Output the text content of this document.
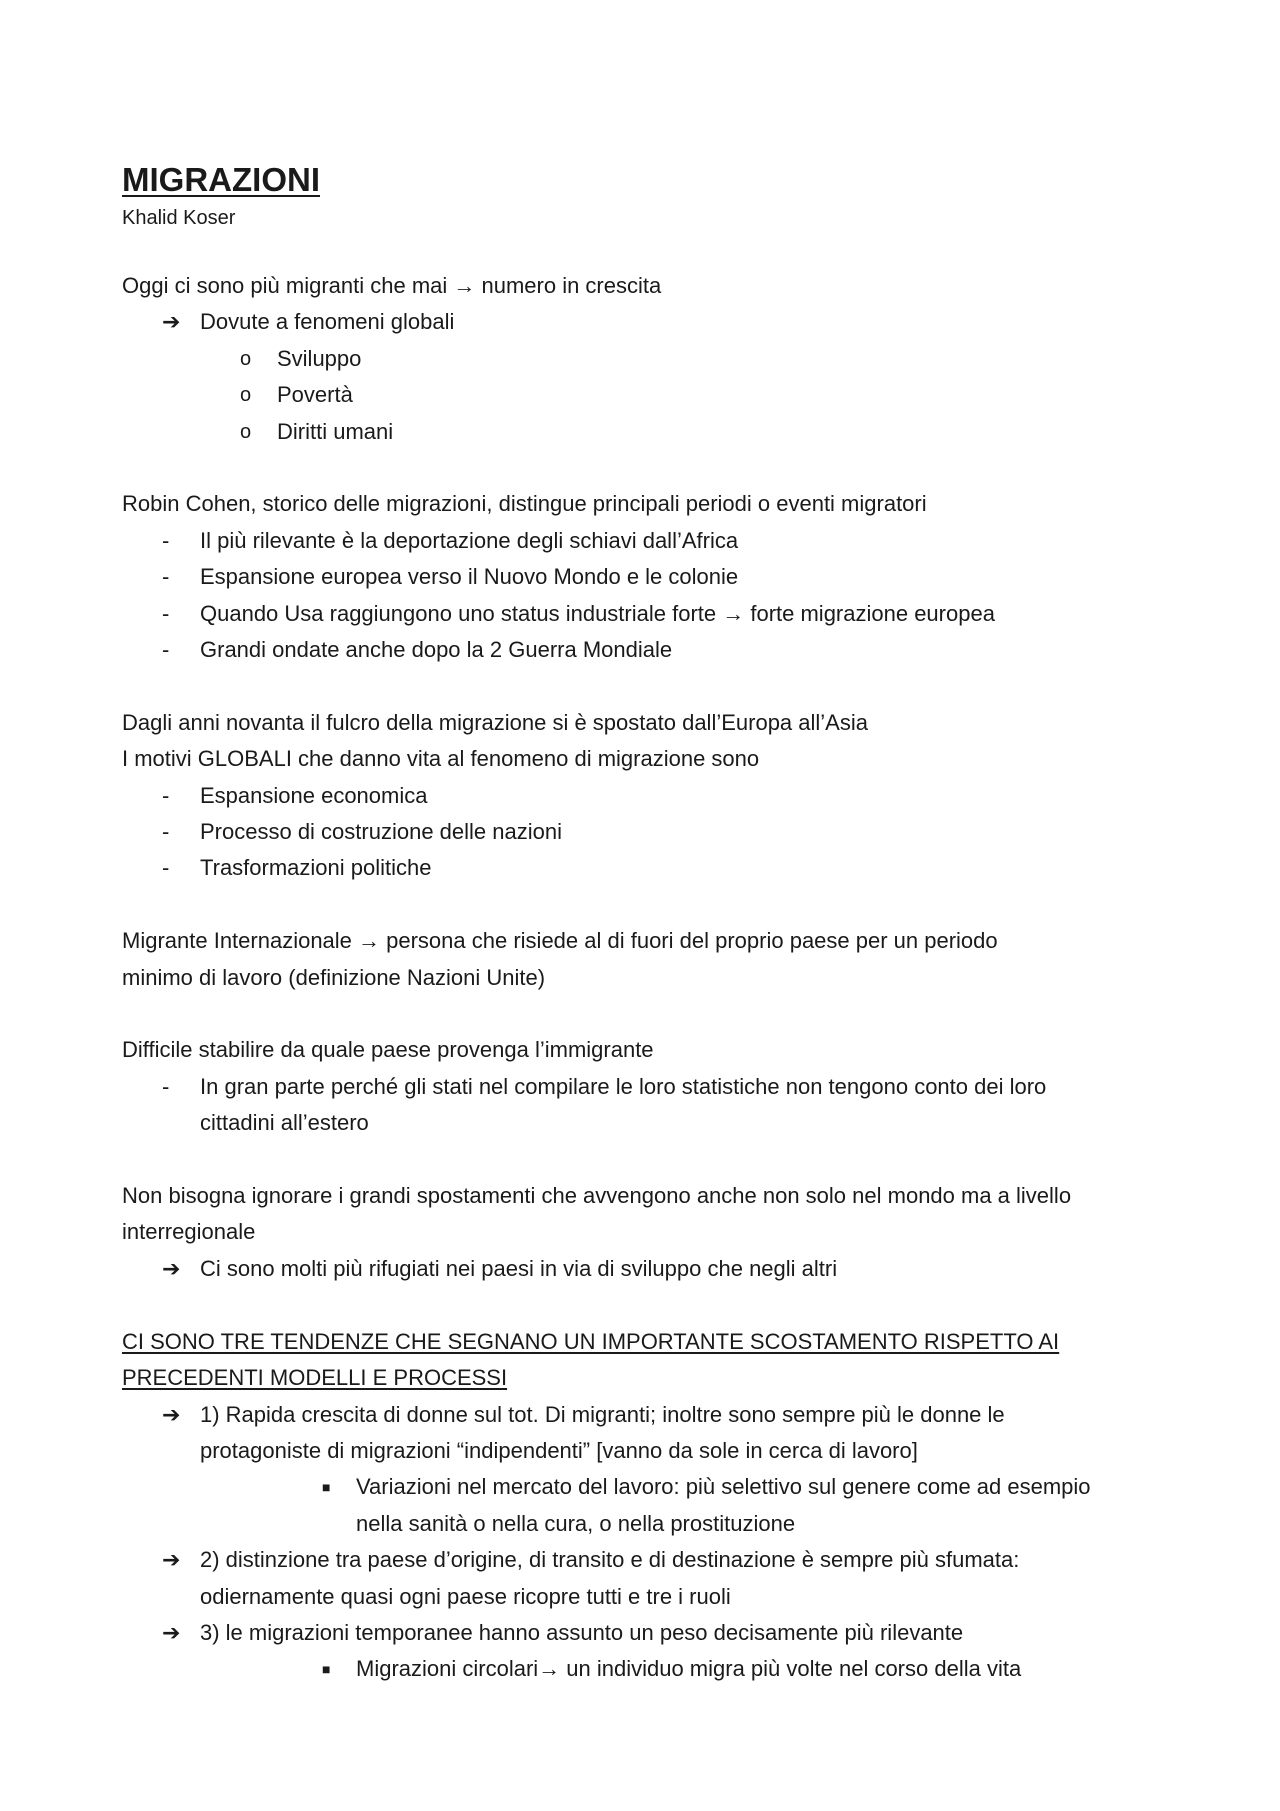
MIGRAZIONI

Khalid Koser

Oggi ci sono più migranti che mai → numero in crescita

➔ Dovute a fenomeni globali
o Sviluppo
o Povertà
o Diritti umani

Robin Cohen, storico delle migrazioni, distingue principali periodi o eventi migratori

- Il più rilevante è la deportazione degli schiavi dall’Africa
- Espansione europea verso il Nuovo Mondo e le colonie
- Quando Usa raggiungono uno status industriale forte → forte migrazione europea
- Grandi ondate anche dopo la 2 Guerra Mondiale

Dagli anni novanta il fulcro della migrazione si è spostato dall’Europa all’Asia

I motivi GLOBALI che danno vita al fenomeno di migrazione sono

- Espansione economica
- Processo di costruzione delle nazioni
- Trasformazioni politiche

Migrante Internazionale → persona che risiede al di fuori del proprio paese per un periodo

minimo di lavoro (definizione Nazioni Unite)

Difficile stabilire da quale paese provenga l’immigrante

- In gran parte perché gli stati nel compilare le loro statistiche non tengono conto dei loro
cittadini all’estero

Non bisogna ignorare i grandi spostamenti che avvengono anche non solo nel mondo ma a livello

interregionale

➔ Ci sono molti più rifugiati nei paesi in via di sviluppo che negli altri

CI SONO TRE TENDENZE CHE SEGNANO UN IMPORTANTE SCOSTAMENTO RISPETTO AI

PRECEDENTI MODELLI E PROCESSI

➔ 1) Rapida crescita di donne sul tot. Di migranti; inoltre sono sempre più le donne le
protagoniste di migrazioni “indipendenti” [vanno da sole in cerca di lavoro]
■ Variazioni nel mercato del lavoro: più selettivo sul genere come ad esempio
nella sanità o nella cura, o nella prostituzione
➔ 2) distinzione tra paese d’origine, di transito e di destinazione è sempre più sfumata:
odiernamente quasi ogni paese ricopre tutti e tre i ruoli
➔ 3) le migrazioni temporanee hanno assunto un peso decisamente più rilevante
■ Migrazioni circolari→ un individuo migra più volte nel corso della vita
